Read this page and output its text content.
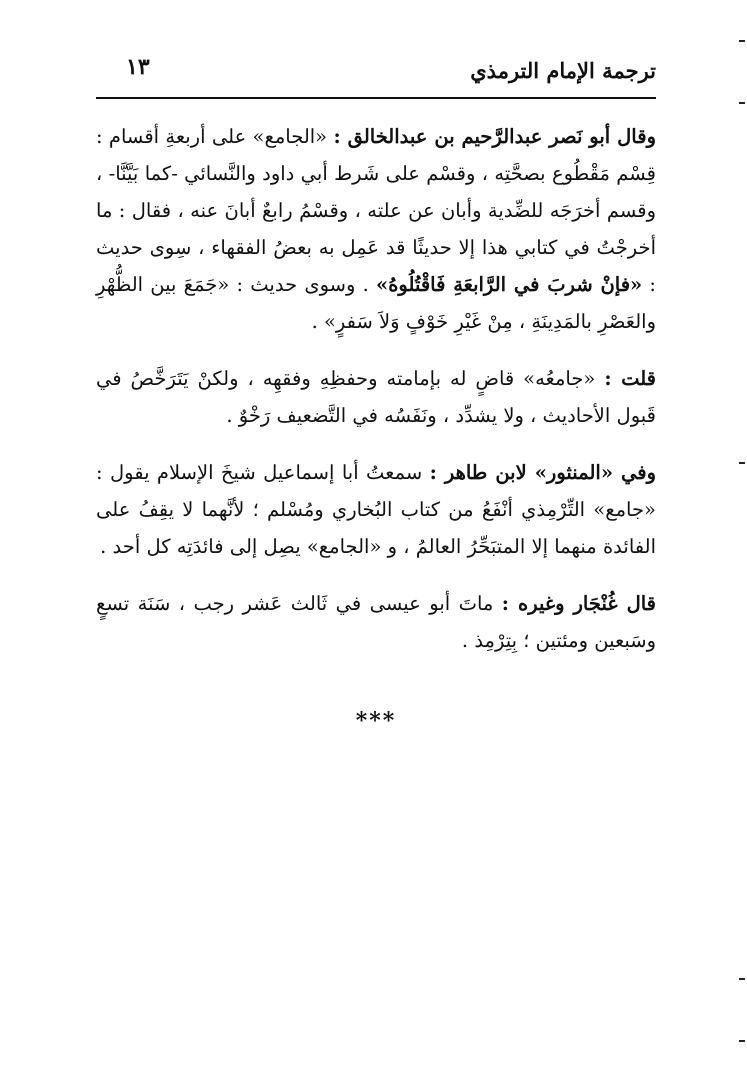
ترجمة الإمام الترمذي
١٣

وقال أبو نَصر عبدالرَّحيم بن عبدالخالق : «الجامع» على أربعةِ أقسام : قِسْم مَقْطُوع بصحَّتِه ، وقسْم على شَرط أبي داود والنَّسائي -كما بَيَّنَّا- ، وقسم أخرَجَه للضِّدية وأبان عن علته ، وقسْمُ رابعٌ أبانَ عنه ، فقال : ما أخرجْتُ في كتابي هذا إلا حديثًا قد عَمِل به بعضُ الفقهاء ، سِوى حديث : «فإنْ شربَ في الرَّابعَةِ فَاقْتُلُوهُ» . وسوى حديث : «جَمَعَ بين الظُّهْرِ والعَصْرِ بالمَدِينَةِ ، مِنْ غَيْرِ خَوْفٍ وَلاَ سَفرٍ» .

قلت : «جامعُه» قاضٍ له بإمامته وحفظِهِ وفقهِه ، ولكنْ يَتَرَخَّصُ في قَبول الأحاديث ، ولا يشدِّد ، ونَفَسُه في التَّضعيف رَخْوٌ .

وفي «المنثور» لابن طاهر : سمعتُ أبا إسماعيل شيخَ الإسلام يقول : «جامع» التِّرْمِذي أنْفَعُ من كتاب البُخاري ومُسْلم ؛ لأنَّهما لا يقِفُ على الفائدة منهما إلا المتبَحِّرُ العالمُ ، و «الجامع» يصِل إلى فائدَتِه كل أحد .

قال غُنْجَار وغيره : ماتَ أبو عيسى في ثَالث عَشر رجب ، سَنَة تسعٍ وسَبعين ومئتين ؛ بِتِرْمِذ .

***
